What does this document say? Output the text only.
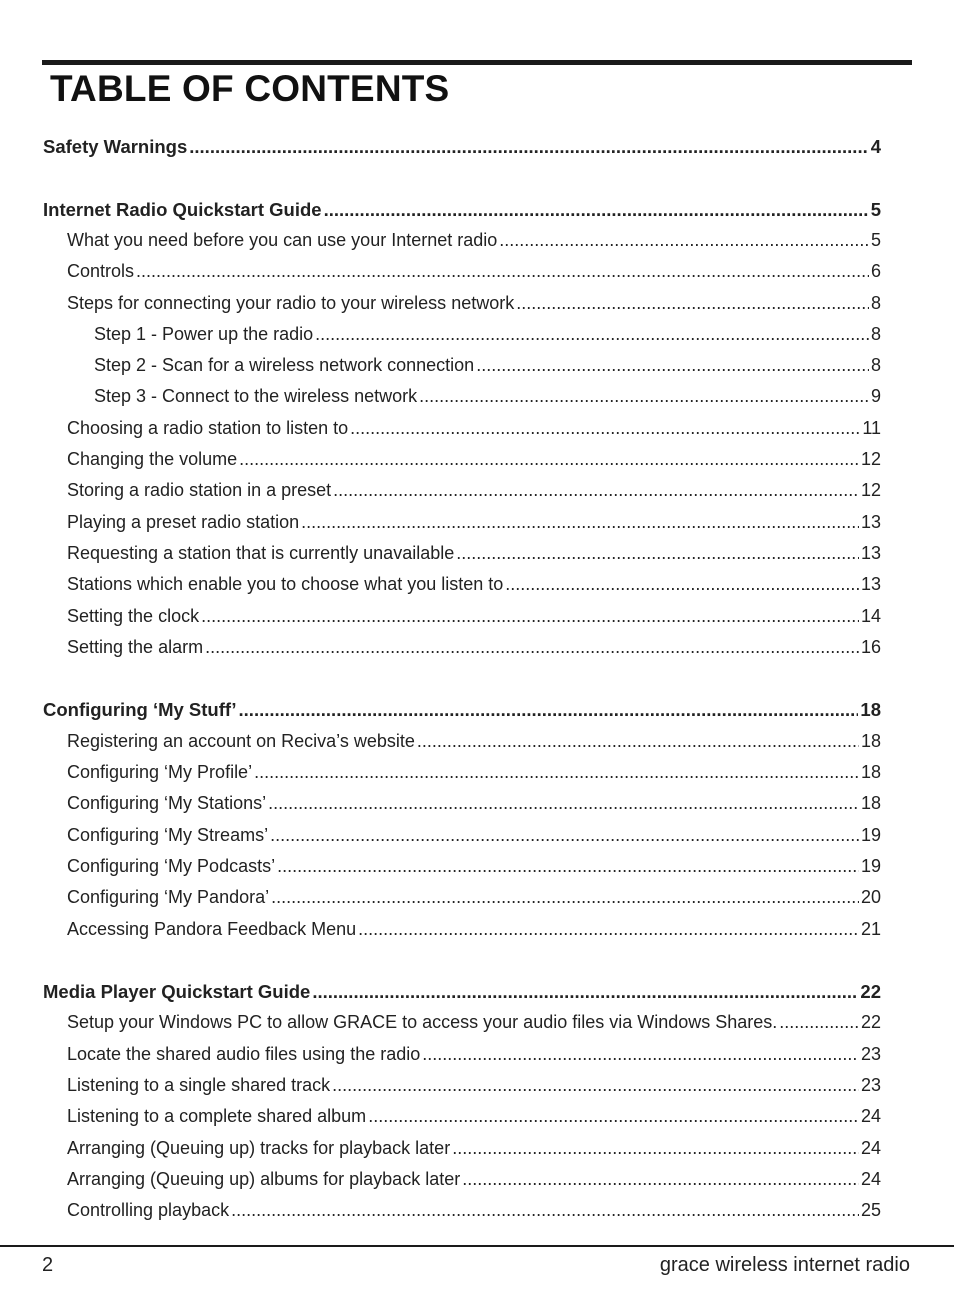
TABLE OF CONTENTS
Safety Warnings .....	4
Internet Radio Quickstart Guide .....	5
What you need before you can use your Internet radio .....	5
Controls .....	6
Steps for connecting your radio to your wireless network .....	8
Step 1 - Power up the radio .....	8
Step 2 - Scan for a wireless network connection .....	8
Step 3 - Connect to the wireless network .....	9
Choosing a radio station to listen to .....	11
Changing the volume .....	12
Storing a radio station in a preset .....	12
Playing a preset radio station .....	13
Requesting a station that is currently unavailable .....	13
Stations which enable you to choose what you listen to .....	13
Setting the clock .....	14
Setting the alarm .....	16
Configuring ‘My Stuff’ .....	18
Registering an account on Reciva’s website .....	18
Configuring ‘My Profile’ .....	18
Configuring ‘My Stations’ .....	18
Configuring ‘My Streams’ .....	19
Configuring ‘My Podcasts’ .....	19
Configuring ‘My Pandora’ .....	20
Accessing Pandora Feedback Menu .....	21
Media Player Quickstart Guide .....	22
Setup your Windows PC to allow GRACE to access your audio files via Windows Shares. .....	22
Locate the shared audio files using the radio .....	23
Listening to a single shared track .....	23
Listening to a complete shared album .....	24
Arranging (Queuing up) tracks for playback later .....	24
Arranging (Queuing up) albums for playback later .....	24
Controlling playback .....	25
2	grace wireless internet radio
